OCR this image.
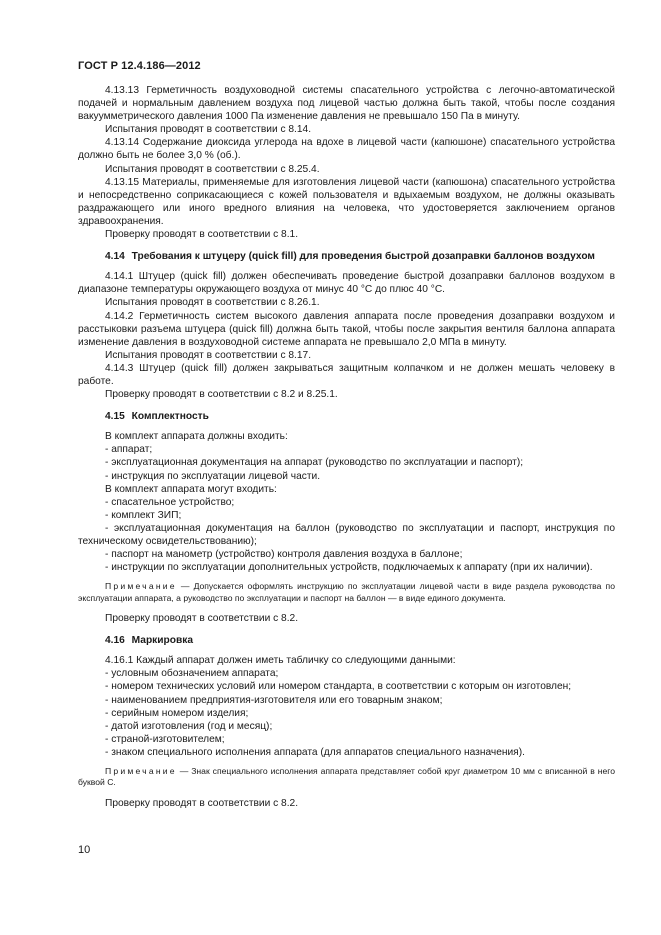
ГОСТ Р 12.4.186—2012

4.13.13 Герметичность воздуховодной системы спасательного устройства с легочно-автоматической подачей и нормальным давлением воздуха под лицевой частью должна быть такой, чтобы после создания вакуумметрического давления 1000 Па изменение давления не превышало 150 Па в минуту.

Испытания проводят в соответствии с 8.14.

4.13.14 Содержание диоксида углерода на вдохе в лицевой части (капюшоне) спасательного устройства должно быть не более 3,0 % (об.).

Испытания проводят в соответствии с 8.25.4.

4.13.15 Материалы, применяемые для изготовления лицевой части (капюшона) спасательного устройства и непосредственно соприкасающиеся с кожей пользователя и вдыхаемым воздухом, не должны оказывать раздражающего или иного вредного влияния на человека, что удостоверяется заключением органов здравоохранения.

Проверку проводят в соответствии с 8.1.

4.14 Требования к штуцеру (quick fill) для проведения быстрой дозаправки баллонов воздухом

4.14.1 Штуцер (quick fill) должен обеспечивать проведение быстрой дозаправки баллонов воздухом в диапазоне температуры окружающего воздуха от минус 40 °С до плюс 40 °С.

Испытания проводят в соответствии с 8.26.1.

4.14.2 Герметичность систем высокого давления аппарата после проведения дозаправки воздухом и расстыковки разъема штуцера (quick fill) должна быть такой, чтобы после закрытия вентиля баллона аппарата изменение давления в воздуховодной системе аппарата не превышало 2,0 МПа в минуту.

Испытания проводят в соответствии с 8.17.

4.14.3 Штуцер (quick fill) должен закрываться защитным колпачком и не должен мешать человеку в работе.

Проверку проводят в соответствии с 8.2 и 8.25.1.

4.15 Комплектность

В комплект аппарата должны входить:

- аппарат;

- эксплуатационная документация на аппарат (руководство по эксплуатации и паспорт);

- инструкция по эксплуатации лицевой части.

В комплект аппарата могут входить:

- спасательное устройство;

- комплект ЗИП;

- эксплуатационная документация на баллон (руководство по эксплуатации и паспорт, инструкция по техническому освидетельствованию);

- паспорт на манометр (устройство) контроля давления воздуха в баллоне;

- инструкции по эксплуатации дополнительных устройств, подключаемых к аппарату (при их наличии).

Примечание — Допускается оформлять инструкцию по эксплуатации лицевой части в виде раздела руководства по эксплуатации аппарата, а руководство по эксплуатации и паспорт на баллон — в виде единого документа.

Проверку проводят в соответствии с 8.2.

4.16 Маркировка

4.16.1 Каждый аппарат должен иметь табличку со следующими данными:

- условным обозначением аппарата;

- номером технических условий или номером стандарта, в соответствии с которым он изготовлен;

- наименованием предприятия-изготовителя или его товарным знаком;

- серийным номером изделия;

- датой изготовления (год и месяц);

- страной-изготовителем;

- знаком специального исполнения аппарата (для аппаратов специального назначения).

Примечание — Знак специального исполнения аппарата представляет собой круг диаметром 10 мм с вписанной в него буквой С.

Проверку проводят в соответствии с 8.2.

10
